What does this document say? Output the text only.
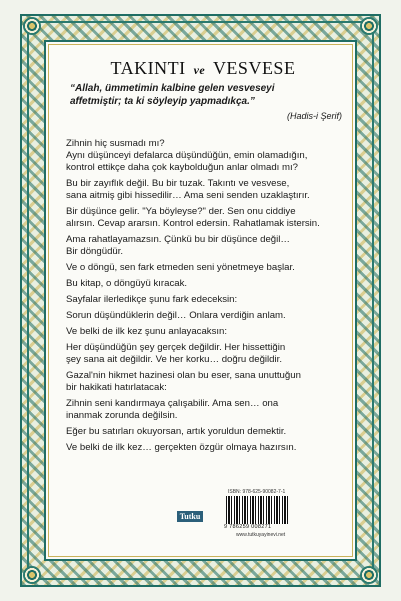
TAKINTI ve VESVESE
“Allah, ümmetimin kalbine gelen vesveseyi
affetmiştir; ta ki söyleyip yapmadıkça.”
(Hadis-i Şerif)
Zihnin hiç susmadı mı?
Aynı düşünceyi defalarca düşündüğün, emin olamadığın,
kontrol ettikçe daha çok kaybolduğun anlar olmadı mı?
Bu bir zayıflık değil. Bu bir tuzak. Takıntı ve vesvese,
sana aitmiş gibi hissedilir… Ama seni senden uzaklaştırır.
Bir düşünce gelir. "Ya böyleyse?" der. Sen onu ciddiye
alırsın. Cevap ararsın. Kontrol edersin. Rahatlamak istersin.
Ama rahatlayamazsın. Çünkü bu bir düşünce değil…
Bir döngüdür.
Ve o döngü, sen fark etmeden seni yönetmeye başlar.
Bu kitap, o döngüyü kıracak.
Sayfalar ilerledikçe şunu fark edeceksin:
Sorun düşündüklerin değil… Onlara verdiğin anlam.
Ve belki de ilk kez şunu anlayacaksın:
Her düşündüğün şey gerçek değildir. Her hissettiğin
şey sana ait değildir. Ve her korku… doğru değildir.
Gazal'nin hikmet hazinesi olan bu eser, sana unuttuğun
bir hakikati hatırlatacak:
Zihnin seni kandırmaya çalışabilir. Ama sen… ona
inanmak zorunda değilsin.
Eğer bu satırları okuyorsan, artık yoruldun demektir.
Ve belki de ilk kez… gerçekten özgür olmaya hazırsın.
ISBN: 978-625-90082-7-1
9 786259 008271
Tutku
www.tutkuyayinevi.net
